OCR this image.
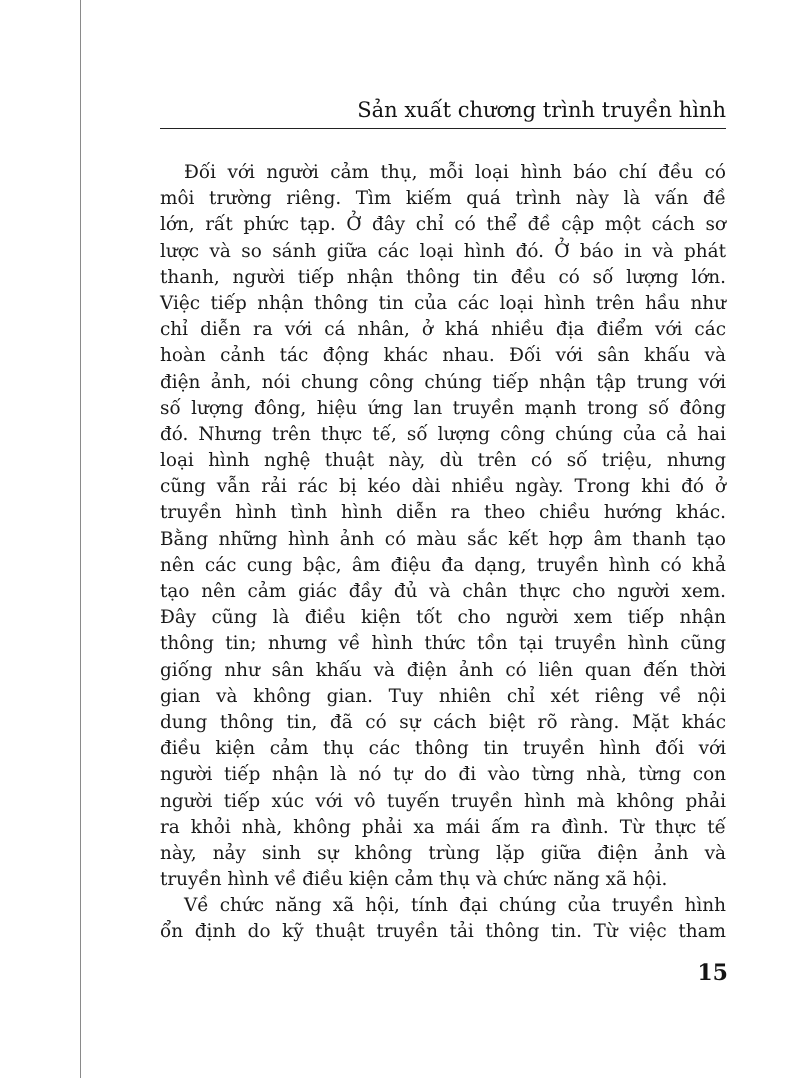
Sản xuất chương trình truyền hình
Đối với người cảm thụ, mỗi loại hình báo chí đều có
môi trường riêng. Tìm kiếm quá trình này là vấn đề
lớn, rất phức tạp. Ở đây chỉ có thể đề cập một cách sơ
lược và so sánh giữa các loại hình đó. Ở báo in và phát
thanh, người tiếp nhận thông tin đều có số lượng lớn.
Việc tiếp nhận thông tin của các loại hình trên hầu như
chỉ diễn ra với cá nhân, ở khá nhiều địa điểm với các
hoàn cảnh tác động khác nhau. Đối với sân khấu và
điện ảnh, nói chung công chúng tiếp nhận tập trung với
số lượng đông, hiệu ứng lan truyền mạnh trong số đông
đó. Nhưng trên thực tế, số lượng công chúng của cả hai
loại hình nghệ thuật này, dù trên có số triệu, nhưng
cũng vẫn rải rác bị kéo dài nhiều ngày. Trong khi đó ở
truyền hình tình hình diễn ra theo chiều hướng khác.
Bằng những hình ảnh có màu sắc kết hợp âm thanh tạo
nên các cung bậc, âm điệu đa dạng, truyền hình có khả
tạo nên cảm giác đầy đủ và chân thực cho người xem.
Đây cũng là điều kiện tốt cho người xem tiếp nhận
thông tin; nhưng về hình thức tồn tại truyền hình cũng
giống như sân khấu và điện ảnh có liên quan đến thời
gian và không gian. Tuy nhiên chỉ xét riêng về nội
dung thông tin, đã có sự cách biệt rõ ràng. Mặt khác
điều kiện cảm thụ các thông tin truyền hình đối với
người tiếp nhận là nó tự do đi vào từng nhà, từng con
người tiếp xúc với vô tuyến truyền hình mà không phải
ra khỏi nhà, không phải xa mái ấm ra đình. Từ thực tế
này, nảy sinh sự không trùng lặp giữa điện ảnh và
truyền hình về điều kiện cảm thụ và chức năng xã hội.
Về chức năng xã hội, tính đại chúng của truyền hình
ổn định do kỹ thuật truyền tải thông tin. Từ việc tham
15
